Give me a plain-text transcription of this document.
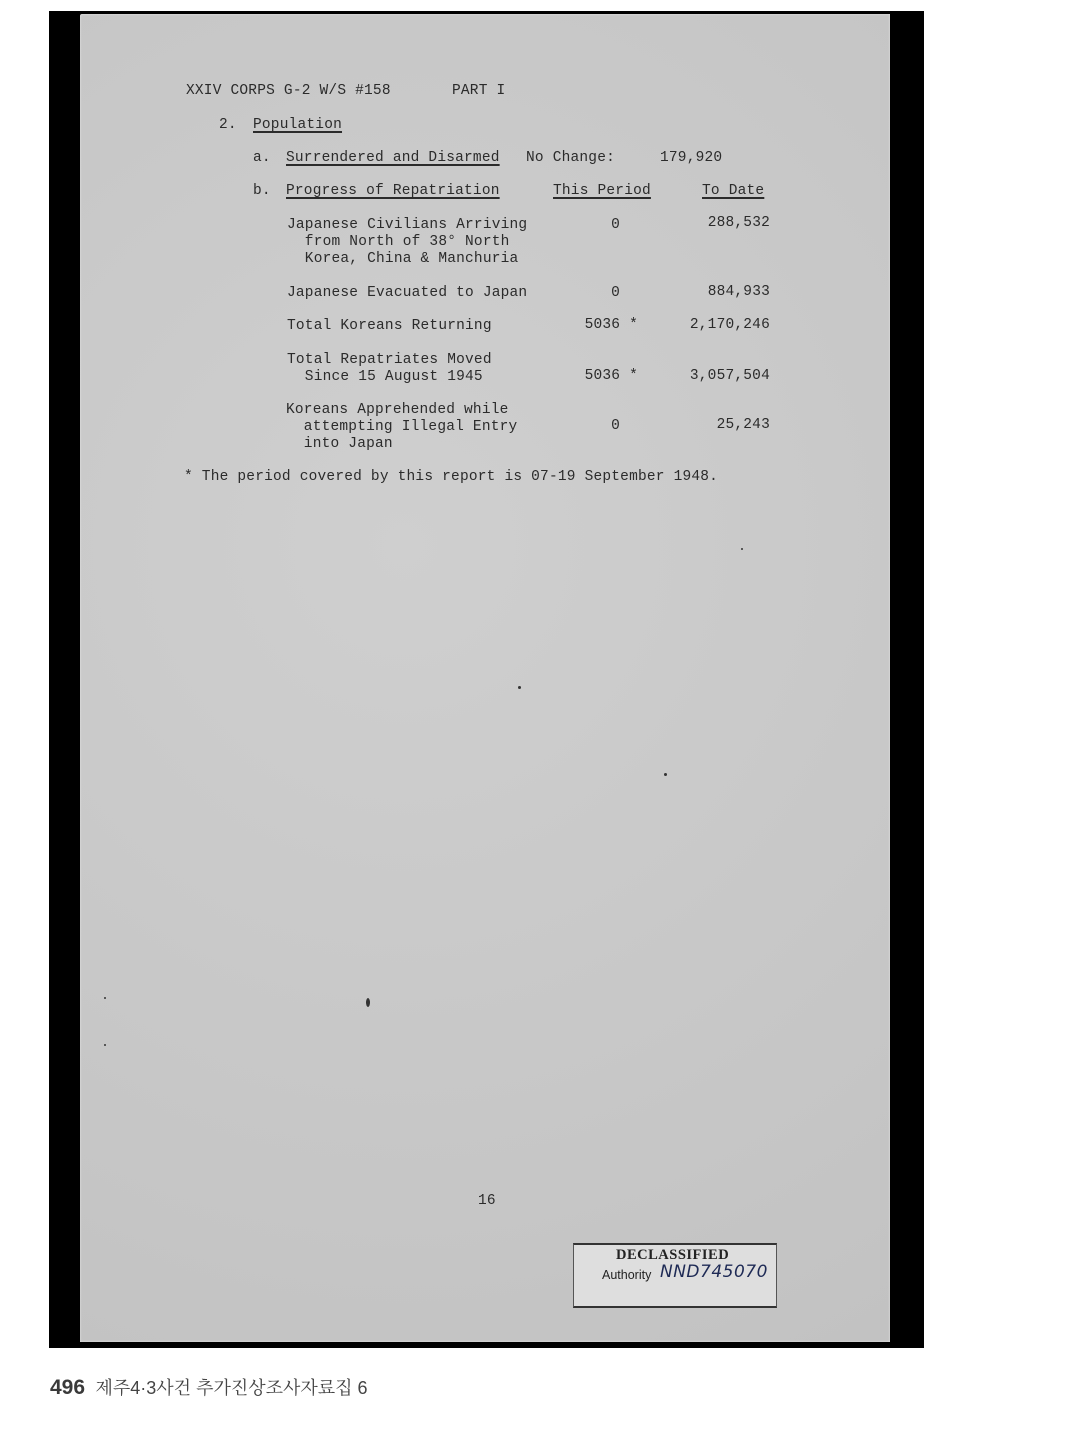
XXIV CORPS G-2 W/S #158	PART I
2. Population
a. Surrendered and Disarmed No Change:	179,920
b. Progress of Repatriation	This Period	To Date
Japanese Civilians Arriving
from North of 38° North
Korea, China & Manchuria
0	288,532
Japanese Evacuated to Japan	0	884,933
Total Koreans Returning	5036 *	2,170,246
Total Repatriates Moved
Since 15 August 1945	5036 *	3,057,504
Koreans Apprehended while
attempting Illegal Entry
into Japan
0	25,243
* The period covered by this report is 07-19 September 1948.
16
DECLASSIFIED
Authority NND745070
496 제주4·3사건 추가진상조사자료집 6
